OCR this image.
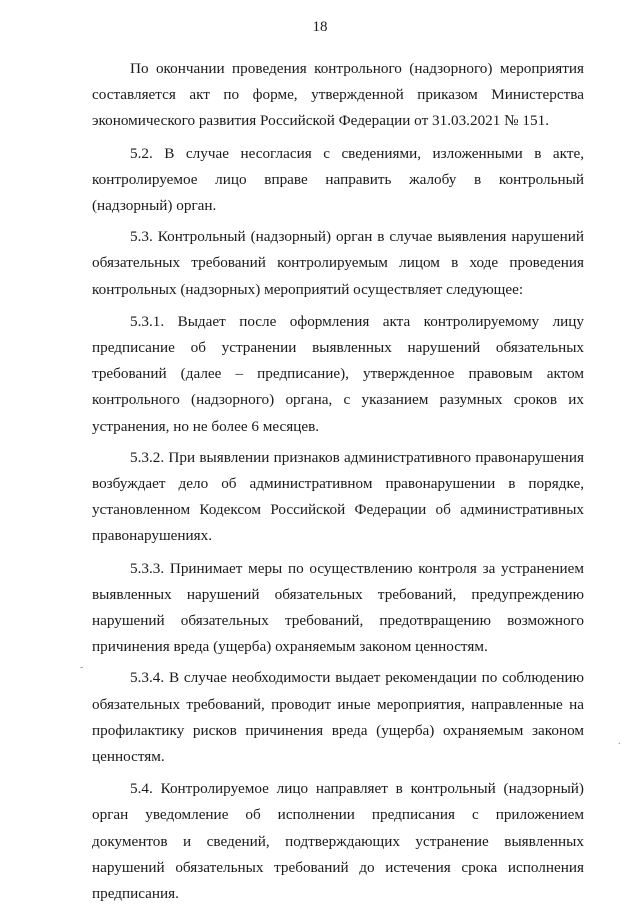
18

По окончании проведения контрольного (надзорного) мероприятия составляется акт по форме, утвержденной приказом Министерства экономического развития Российской Федерации от 31.03.2021 № 151.

5.2. В случае несогласия с сведениями, изложенными в акте, контролируемое лицо вправе направить жалобу в контрольный (надзорный) орган.

5.3. Контрольный (надзорный) орган в случае выявления нарушений обязательных требований контролируемым лицом в ходе проведения контрольных (надзорных) мероприятий осуществляет следующее:

5.3.1. Выдает после оформления акта контролируемому лицу предписание об устранении выявленных нарушений обязательных требований (далее – предписание), утвержденное правовым актом контрольного (надзорного) органа, с указанием разумных сроков их устранения, но не более 6 месяцев.

5.3.2. При выявлении признаков административного правонарушения возбуждает дело об административном правонарушении в порядке, установленном Кодексом Российской Федерации об административных правонарушениях.

5.3.3. Принимает меры по осуществлению контроля за устранением выявленных нарушений обязательных требований, предупреждению нарушений обязательных требований, предотвращению возможного причинения вреда (ущерба) охраняемым законом ценностям.

5.3.4. В случае необходимости выдает рекомендации по соблюдению обязательных требований, проводит иные мероприятия, направленные на профилактику рисков причинения вреда (ущерба) охраняемым законом ценностям.

5.4. Контролируемое лицо направляет в контрольный (надзорный) орган уведомление об исполнении предписания с приложением документов и сведений, подтверждающих устранение выявленных нарушений обязательных требований до истечения срока исполнения предписания.

-
.
